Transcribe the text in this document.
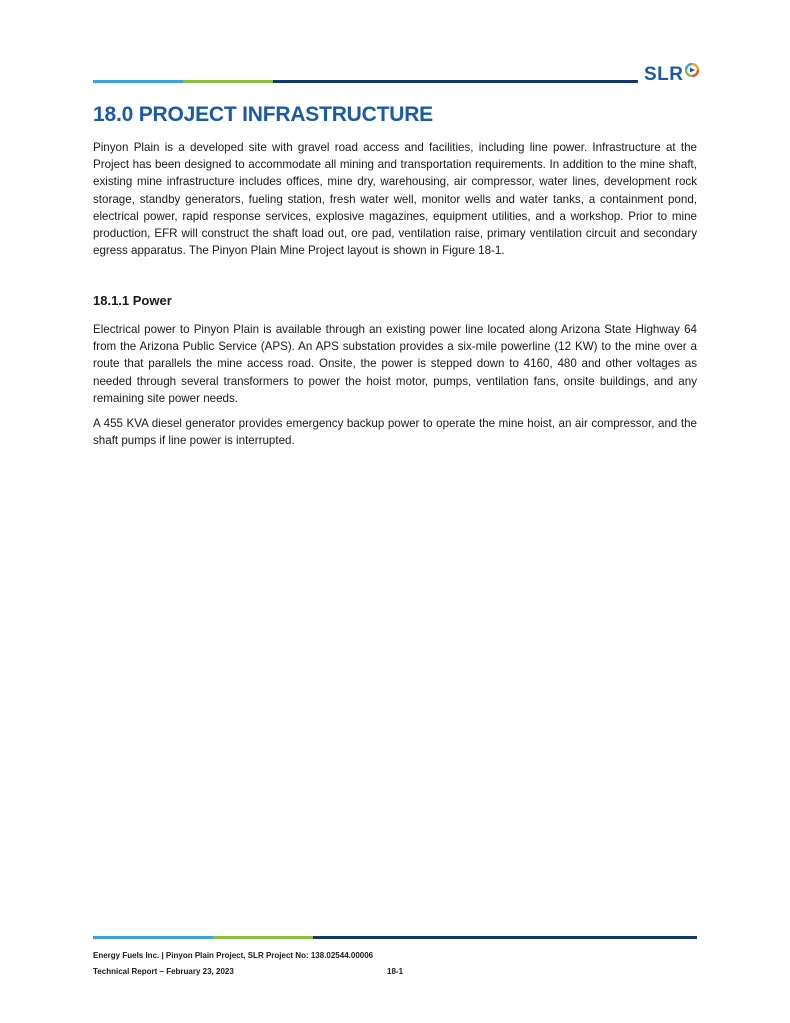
SLR
18.0 PROJECT INFRASTRUCTURE

Pinyon Plain is a developed site with gravel road access and facilities, including line power. Infrastructure at the Project has been designed to accommodate all mining and transportation requirements. In addition to the mine shaft, existing mine infrastructure includes offices, mine dry, warehousing, air compressor, water lines, development rock storage, standby generators, fueling station, fresh water well, monitor wells and water tanks, a containment pond, electrical power, rapid response services, explosive magazines, equipment utilities, and a workshop. Prior to mine production, EFR will construct the shaft load out, ore pad, ventilation raise, primary ventilation circuit and secondary egress apparatus. The Pinyon Plain Mine Project layout is shown in Figure 18-1.

18.1.1 Power

Electrical power to Pinyon Plain is available through an existing power line located along Arizona State Highway 64 from the Arizona Public Service (APS). An APS substation provides a six-mile powerline (12 KW) to the mine over a route that parallels the mine access road. Onsite, the power is stepped down to 4160, 480 and other voltages as needed through several transformers to power the hoist motor, pumps, ventilation fans, onsite buildings, and any remaining site power needs.

A 455 KVA diesel generator provides emergency backup power to operate the mine hoist, an air compressor, and the shaft pumps if line power is interrupted.

Energy Fuels Inc. | Pinyon Plain Project, SLR Project No: 138.02544.00006

Technical Report – February 23, 2023	18-1
